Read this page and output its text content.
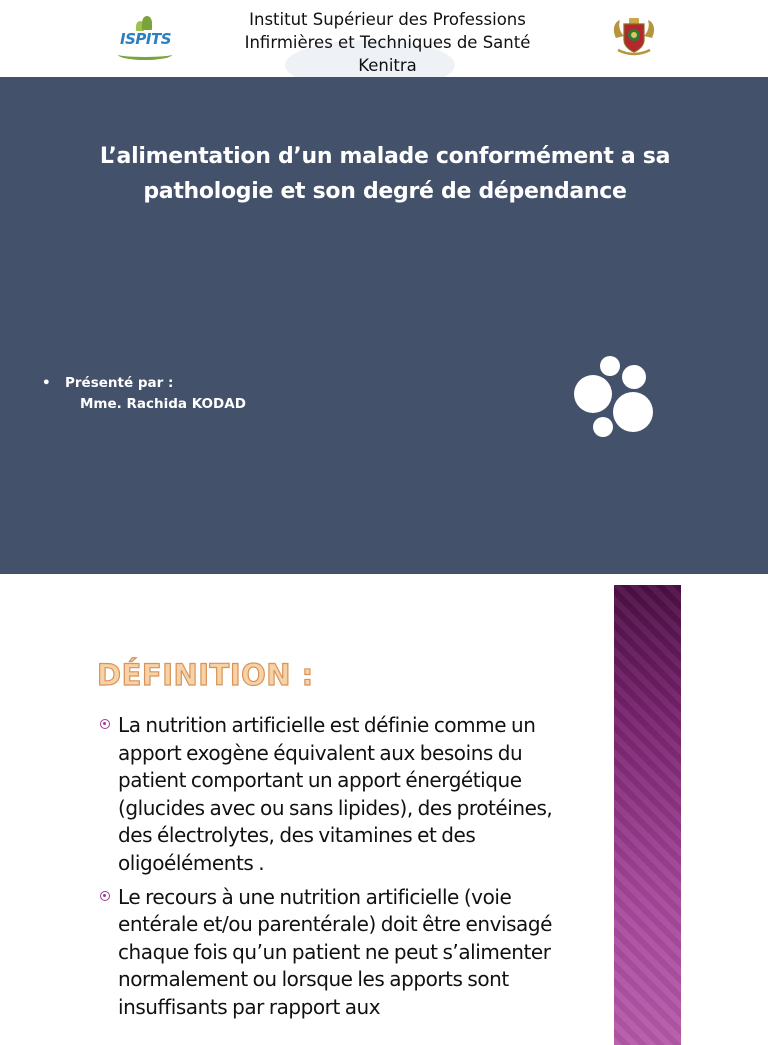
ISPITS
Institut Supérieur des Professions
Infirmières et Techniques de Santé
Kenitra
L’alimentation d’un malade conformément a sa
pathologie et son degré de dépendance
• Présenté par :
Mme. Rachida KODAD
DÉFINITION :
La nutrition artificielle est définie comme un apport exogène équivalent aux besoins du patient comportant un apport énergétique (glucides avec ou sans lipides), des protéines, des électrolytes, des vitamines et des oligoéléments .
Le recours à une nutrition artificielle (voie entérale et/ou parentérale) doit être envisagé chaque fois qu’un patient ne peut s’alimenter normalement ou lorsque les apports sont insuffisants par rapport aux
